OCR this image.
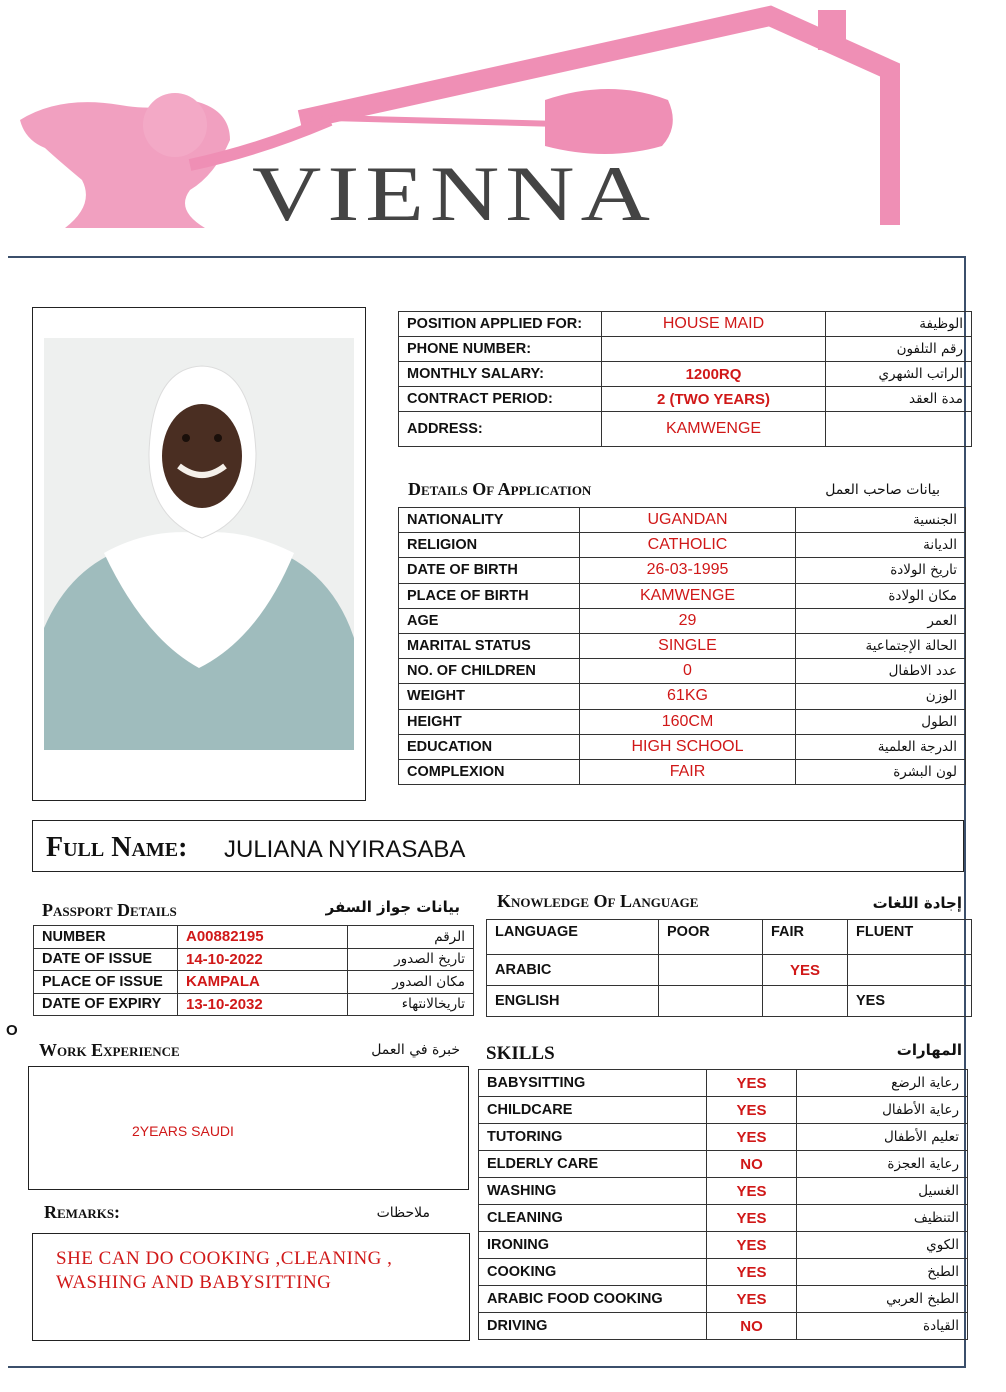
VIENNA
POSITION APPLIED FOR:	HOUSE MAID	الوظيفة
PHONE NUMBER:		رقم التلفون
MONTHLY SALARY:	1200RQ	الراتب الشهري
CONTRACT PERIOD:	2 (TWO YEARS)	مدة العقد
ADDRESS:	KAMWENGE	
Details Of Application	بيانات صاحب العمل
NATIONALITY	UGANDAN	الجنسية
RELIGION	CATHOLIC	الديانة
DATE OF BIRTH	26-03-1995	تاريخ الولادة
PLACE OF BIRTH	KAMWENGE	مكان الولادة
AGE	29	العمر
MARITAL STATUS	SINGLE	الحالة الإجتماعية
NO. OF CHILDREN	0	عدد الاطفال
WEIGHT	61KG	الوزن
HEIGHT	160CM	الطول
EDUCATION	HIGH SCHOOL	الدرجة العلمية
COMPLEXION	FAIR	لون البشرة
Full Name: JULIANA NYIRASABA
Passport Details	بيانات جواز السفر
NUMBER	A00882195	الرقم
DATE OF ISSUE	14-10-2022	تاريخ الصدور
PLACE OF ISSUE	KAMPALA	مكان الصدور
DATE OF EXPIRY	13-10-2032	تاريخالانتهاء
O
Knowledge Of Language	إجادة اللغات
LANGUAGE	POOR	FAIR	FLUENT
ARABIC		YES	
ENGLISH			YES
Work Experience	خبرة في العمل
2YEARS SAUDI
Remarks:	ملاحظات
SHE CAN DO COOKING ,CLEANING ,
WASHING AND BABYSITTING
SKILLS	المهارات
BABYSITTING	YES	رعاية الرضع
CHILDCARE	YES	رعاية الأطفال
TUTORING	YES	تعليم الأطفال
ELDERLY CARE	NO	رعاية العجزة
WASHING	YES	الغسيل
CLEANING	YES	التنظيف
IRONING	YES	الكوي
COOKING	YES	الطبخ
ARABIC FOOD COOKING	YES	الطبخ العربي
DRIVING	NO	القيادة
